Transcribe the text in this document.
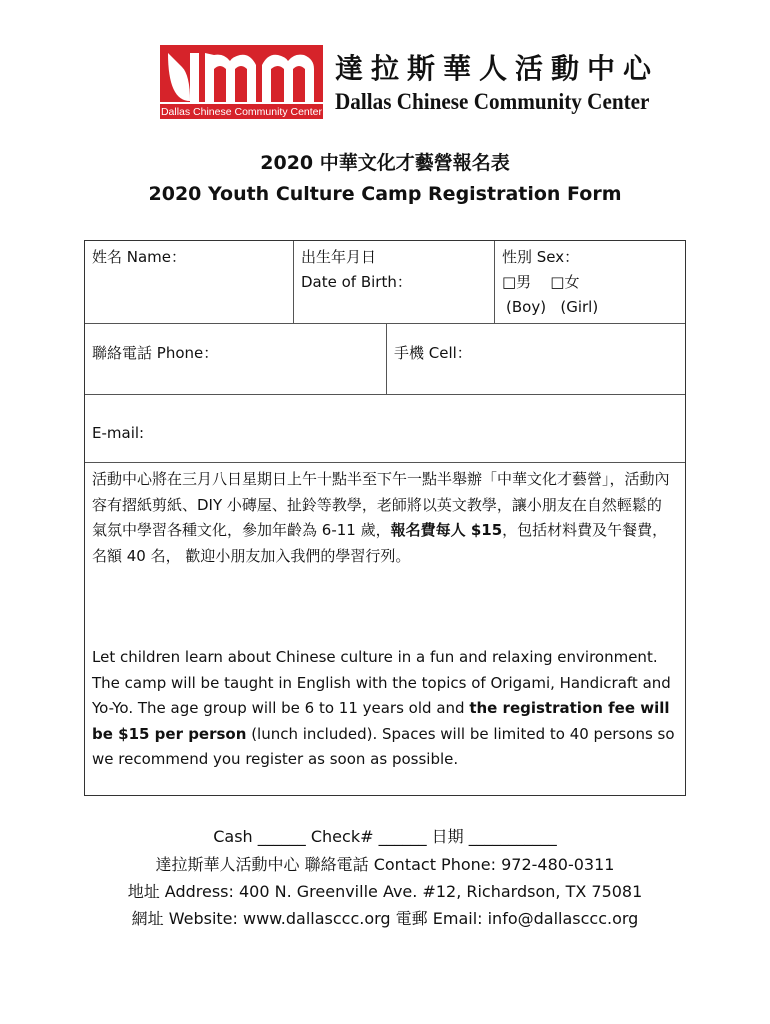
Dallas Chinese Community Center
達拉斯華人活動中心
Dallas Chinese Community Center
2020 中華文化才藝營報名表
2020 Youth Culture Camp Registration Form
姓名 Name：	出生年月日
Date of Birth：
性別 Sex：
□男 □女
(Boy) (Girl)
聯絡電話 Phone：	手機 Cell：
E-mail:
活動中心將在三月八日星期日上午十點半至下午一點半舉辦「中華文化才藝營」，活動內容有摺紙剪紙、DIY 小磚屋、扯鈴等教學，老師將以英文教學，讓小朋友在自然輕鬆的氣氛中學習各種文化，參加年齡為 6-11 歲，報名費每人 $15，包括材料費及午餐費， 名額 40 名， 歡迎小朋友加入我們的學習行列。
Let children learn about Chinese culture in a fun and relaxing environment. The camp will be taught in English with the topics of Origami, Handicraft and Yo-Yo. The age group will be 6 to 11 years old and the registration fee will be $15 per person (lunch included). Spaces will be limited to 40 persons so we recommend you register as soon as possible.
Cash ______ Check# ______ 日期 ___________
達拉斯華人活動中心 聯絡電話 Contact Phone: 972-480-0311
地址 Address: 400 N. Greenville Ave. #12, Richardson, TX 75081
網址 Website: www.dallasccc.org 電郵 Email: info@dallasccc.org
